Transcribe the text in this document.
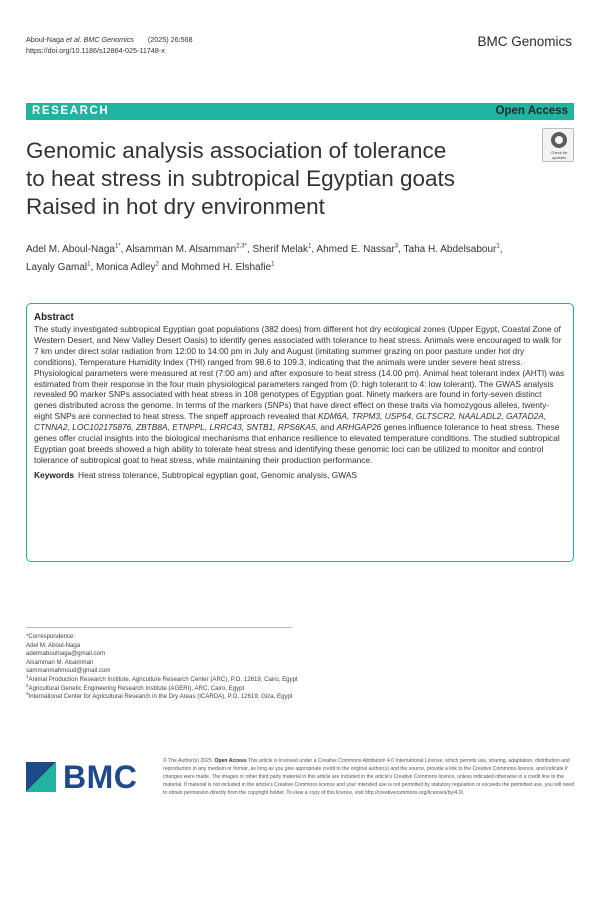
Aboul-Naga et al. BMC Genomics (2025) 26:568
https://doi.org/10.1186/s12864-025-11748-x
BMC Genomics
RESEARCH	Open Access
Check for updates
Genomic analysis association of tolerance
to heat stress in subtropical Egyptian goats
Raised in hot dry environment
Adel M. Aboul-Naga$^{1*}$, Alsamman M. Alsamman$^{2,3*}$, Sherif Melak$^1$, Ahmed E. Nassar$^3$, Taha H. Abdelsabour$^1$,
Layaly Gamal$^1$, Monica Adley$^2$ and Mohmed H. Elshafie$^1$
Abstract
The study investigated subtropical Egyptian goat populations (382 does) from different hot dry ecological zones (Upper Egypt, Coastal Zone of Western Desert, and New Valley Desert Oasis) to identify genes associated with tolerance to heat stress. Animals were encouraged to walk for 7 km under direct solar radiation from 12:00 to 14:00 pm in July and August (imitating summer grazing on poor pasture under hot dry conditions). Temperature Humidity Index (THI) ranged from 98.6 to 109.3, indicating that the animals were under severe heat stress. Physiological parameters were measured at rest (7:00 am) and after exposure to heat stress (14.00 pm). Animal heat tolerant index (AHTI) was estimated from their response in the four main physiological parameters ranged from (0: high tolerant to 4: low tolerant). The GWAS analysis revealed 90 marker SNPs associated with heat stress in 108 genotypes of Egyptian goat. Ninety markers are found in forty-seven distinct genes distributed across the genome. In terms of the markers (SNPs) that have direct effect on these traits via homozygous alleles, twenty-eight SNPs are connected to heat stress. The snpeff approach revealed that KDM6A, TRPM3, USP54, GLTSCR2, NAALADL2, GATAD2A, CTNNA2, LOC102175876, ZBTB8A, ETNPPL, LRRC43, SNTB1, RPS6KA5, and ARHGAP26 genes influence tolerance to heat stress. These genes offer crucial insights into the biological mechanisms that enhance resilience to elevated temperature conditions. The studied subtropical Egyptian goat breeds showed a high ability to tolerate heat stress and identifying these genomic loci can be utilized to monitor and control tolerance of subtropical goat to heat stress, while maintaining their production performance.
Keywords Heat stress tolerance, Subtropical egyptian goat, Genomic analysis, GWAS
*Correspondence:
Adel M. Aboul-Naga
adelmaboulnaga@gmail.com
Alsamman M. Alsamman
sammanmahmoud@gmail.com
$^1$Animal Production Research Institute, Agriculture Research Center (ARC), P.O. 12619, Cairo, Egypt
$^2$Agricultural Genetic Engineering Research Institute (AGERI), ARC, Cairo, Egypt
$^3$International Center for Agricultural Research in the Dry Areas (ICARDA), P.O. 12619, Giza, Egypt
BMC	© The Author(s) 2025. Open Access This article is licensed under a Creative Commons Attribution 4.0 International License, which permits use, sharing, adaptation, distribution and reproduction in any medium or format, as long as you give appropriate credit to the original author(s) and the source, provide a link to the Creative Commons licence, and indicate if changes were made. The images or other third party material in this article are included in the article's Creative Commons licence, unless indicated otherwise in a credit line to the material. If material is not included in the article's Creative Commons licence and your intended use is not permitted by statutory regulation or exceeds the permitted use, you will need to obtain permission directly from the copyright holder. To view a copy of this licence, visit http://creativecommons.org/licenses/by/4.0/.
